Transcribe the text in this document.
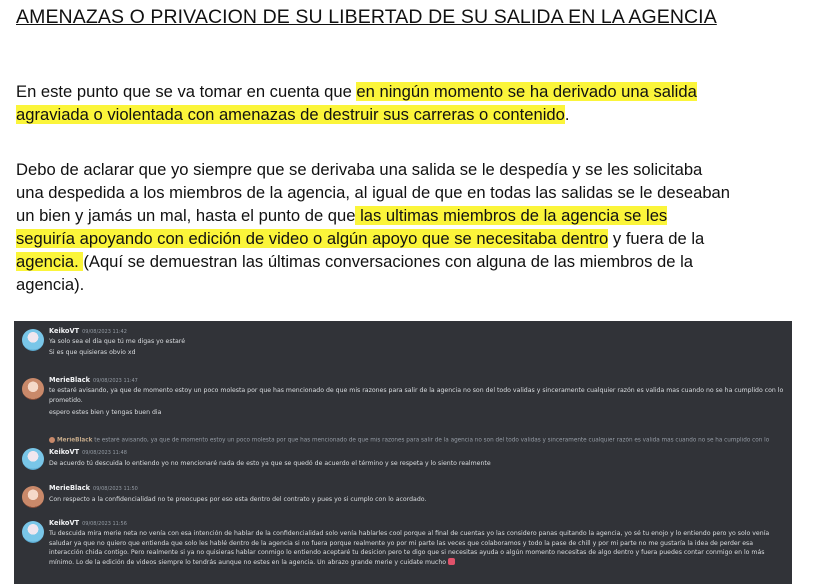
AMENAZAS O PRIVACION DE SU LIBERTAD DE SU SALIDA EN LA AGENCIA
En este punto que se va tomar en cuenta que en ningún momento se ha derivado una salida
agraviada o violentada con amenazas de destruir sus carreras o contenido.
Debo de aclarar que yo siempre que se derivaba una salida se le despedía y se les solicitaba
una despedida a los miembros de la agencia, al igual de que en todas las salidas se le deseaban
un bien y jamás un mal, hasta el punto de que las ultimas miembros de la agencia se les
seguiría apoyando con edición de video o algún apoyo que se necesitaba dentro y fuera de la
agencia. (Aquí se demuestran las últimas conversaciones con alguna de las miembros de la
agencia).
KeikoVT 09/08/2023 11:42
Ya solo sea el día que tú me digas yo estaré
Si es que quisieras obvio xd
MerieBlack 09/08/2023 11:47
te estaré avisando, ya que de momento estoy un poco molesta por que has mencionado de que mis razones para salir de la agencia no son del todo validas y sinceramente cualquier razón es valida mas cuando no se ha cumplido con lo prometido.
espero estes bien y tengas buen dia
MerieBlack te estaré avisando, ya que de momento estoy un poco molesta por que has mencionado de que mis razones para salir de la agencia no son del todo validas y sinceramente cualquier razón es valida mas cuando no se ha cumplido con lo
KeikoVT 09/08/2023 11:48
De acuerdo tú descuida lo entiendo yo no mencionaré nada de esto ya que se quedó de acuerdo el término y se respeta y lo siento realmente
MerieBlack 09/08/2023 11:50
Con respecto a la confidencialidad no te preocupes por eso esta dentro del contrato y pues yo si cumplo con lo acordado.
KeikoVT 09/08/2023 11:56
Tu descuida mira merie neta no venía con esa intención de hablar de la confidencialidad solo venía hablarles cool porque al final de cuentas yo las considero panas quitando la agencia, yo sé tu enojo y lo entiendo pero yo solo venía saludar ya que no quiero que entienda que solo les hablé dentro de la agencia si no fuera porque realmente yo por mi parte las veces que colaboramos y todo la pase de chill y por mi parte no me gustaría la idea de perder esa interacción chida contigo. Pero realmente si ya no quisieras hablar conmigo lo entiendo aceptaré tu desicion pero te digo que si necesitas ayuda o algún momento necesitas de algo dentro y fuera puedes contar conmigo en lo más mínimo. Lo de la edición de videos siempre lo tendrás aunque no estes en la agencia. Un abrazo grande merie y cuidate mucho
